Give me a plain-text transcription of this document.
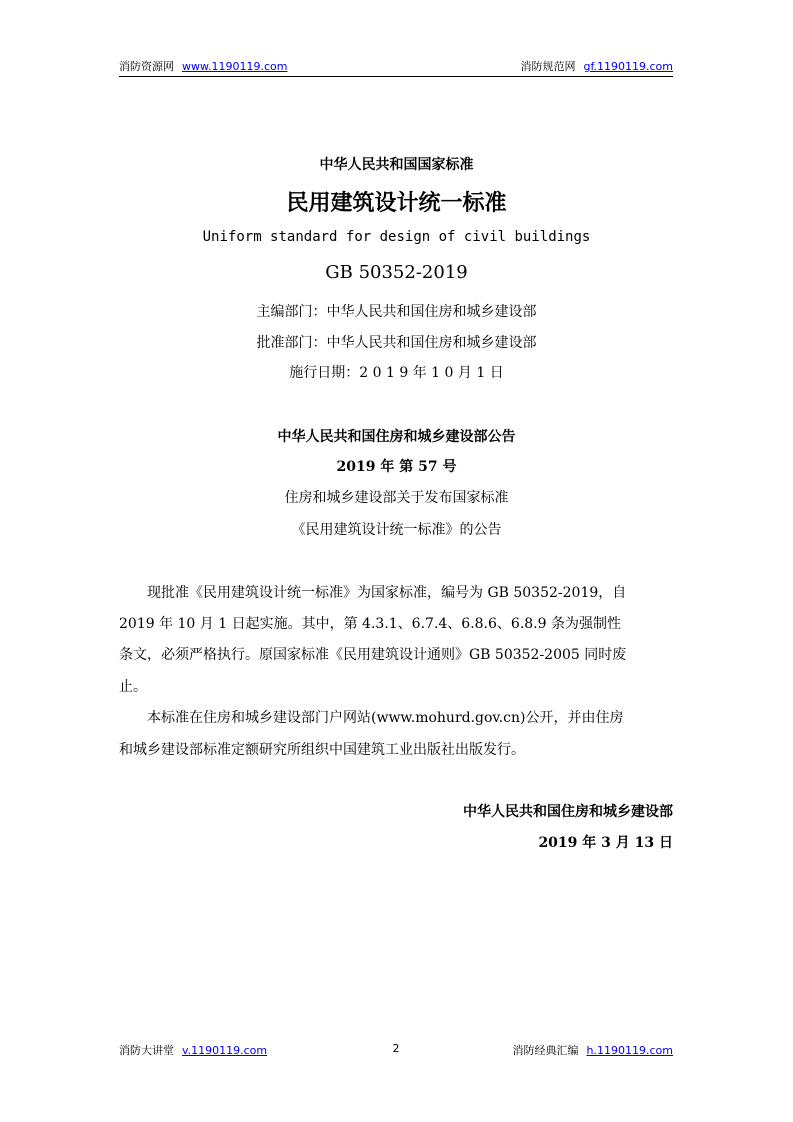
消防资源网 www.1190119.com	消防规范网 gf.1190119.com
中华人民共和国国家标准
民用建筑设计统一标准
Uniform standard for design of civil buildings
GB 50352-2019
主编部门：中华人民共和国住房和城乡建设部
批准部门：中华人民共和国住房和城乡建设部
施行日期：2 0 1 9 年 1 0 月 1 日
中华人民共和国住房和城乡建设部公告
2019 年 第 57 号
住房和城乡建设部关于发布国家标准
《民用建筑设计统一标准》的公告
现批准《民用建筑设计统一标准》为国家标准，编号为 GB 50352-2019，自
2019 年 10 月 1 日起实施。其中，第 4.3.1、6.7.4、6.8.6、6.8.9 条为强制性
条文，必须严格执行。原国家标准《民用建筑设计通则》GB 50352-2005 同时废
止。
本标准在住房和城乡建设部门户网站(www.mohurd.gov.cn)公开，并由住房
和城乡建设部标准定额研究所组织中国建筑工业出版社出版发行。
中华人民共和国住房和城乡建设部
2019 年 3 月 13 日
消防大讲堂 v.1190119.com	2	消防经典汇编 h.1190119.com
